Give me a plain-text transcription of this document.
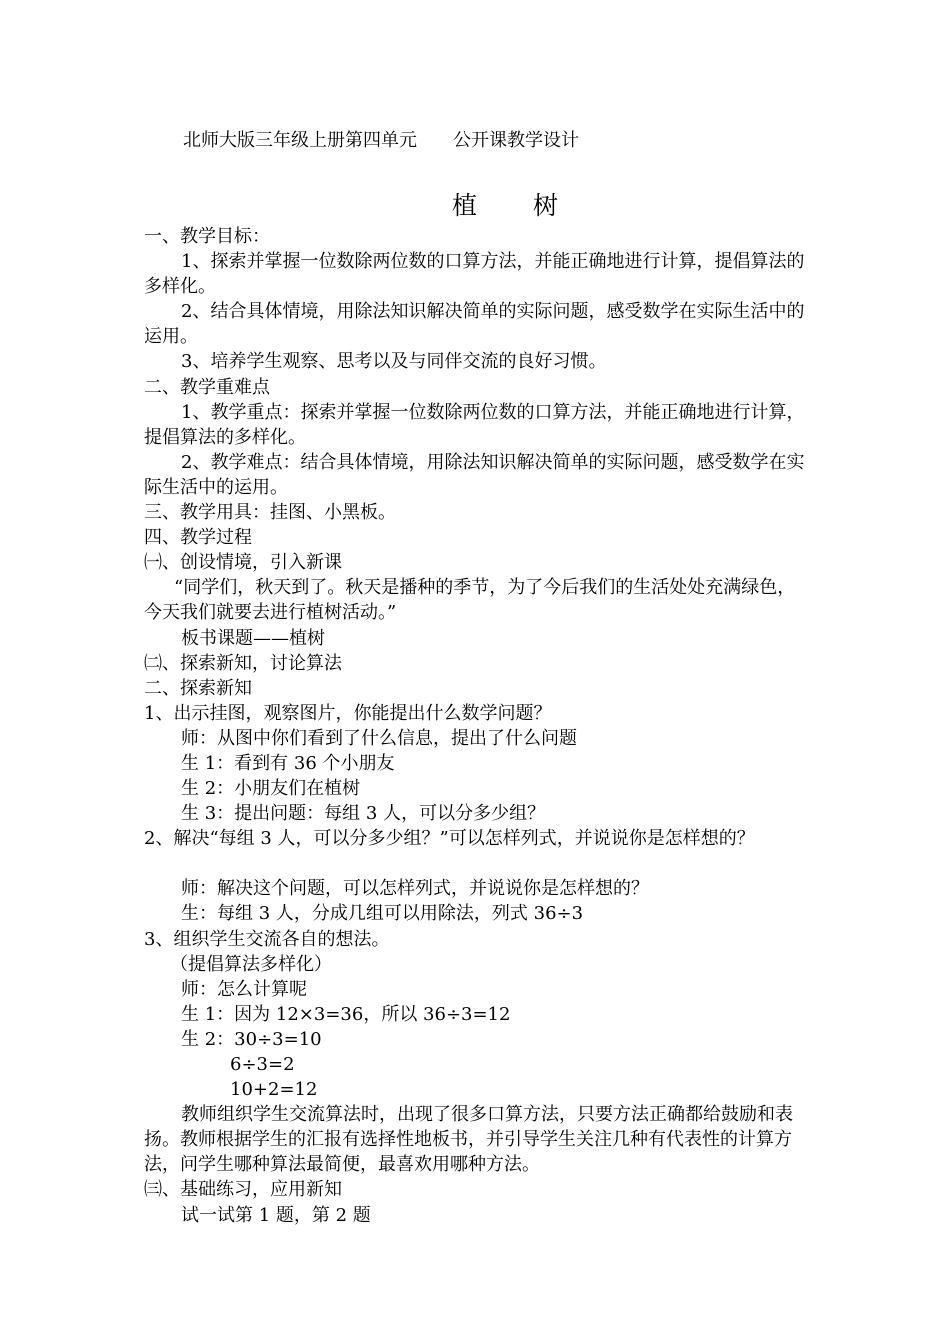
北师大版三年级上册第四单元　　公开课教学设计
植　　树

一、教学目标：

1、探索并掌握一位数除两位数的口算方法，并能正确地进行计算，提倡算法的多样化。

2、结合具体情境，用除法知识解决简单的实际问题，感受数学在实际生活中的运用。

3、培养学生观察、思考以及与同伴交流的良好习惯。

二、教学重难点

1、教学重点：探索并掌握一位数除两位数的口算方法，并能正确地进行计算，提倡算法的多样化。

2、教学难点：结合具体情境，用除法知识解决简单的实际问题，感受数学在实际生活中的运用。

三、教学用具：挂图、小黑板。

四、教学过程

㈠、创设情境，引入新课

“同学们，秋天到了。秋天是播种的季节，为了今后我们的生活处处充满绿色，今天我们就要去进行植树活动。”

板书课题——植树

㈡、探索新知，讨论算法

二、探索新知

1、出示挂图，观察图片，你能提出什么数学问题？

师：从图中你们看到了什么信息，提出了什么问题

生 1：看到有 36 个小朋友

生 2：小朋友们在植树

生 3：提出问题：每组 3 人，可以分多少组？

2、解决“每组 3 人，可以分多少组？”可以怎样列式，并说说你是怎样想的？

师：解决这个问题，可以怎样列式，并说说你是怎样想的？

生：每组 3 人，分成几组可以用除法，列式 36÷3

3、组织学生交流各自的想法。

（提倡算法多样化）

师：怎么计算呢

生 1：因为 12×3=36，所以 36÷3=12

生 2：30÷3=10

6÷3=2

10+2=12

教师组织学生交流算法时，出现了很多口算方法，只要方法正确都给鼓励和表扬。教师根据学生的汇报有选择性地板书，并引导学生关注几种有代表性的计算方法，问学生哪种算法最简便，最喜欢用哪种方法。

㈢、基础练习，应用新知

试一试第 1 题，第 2 题
